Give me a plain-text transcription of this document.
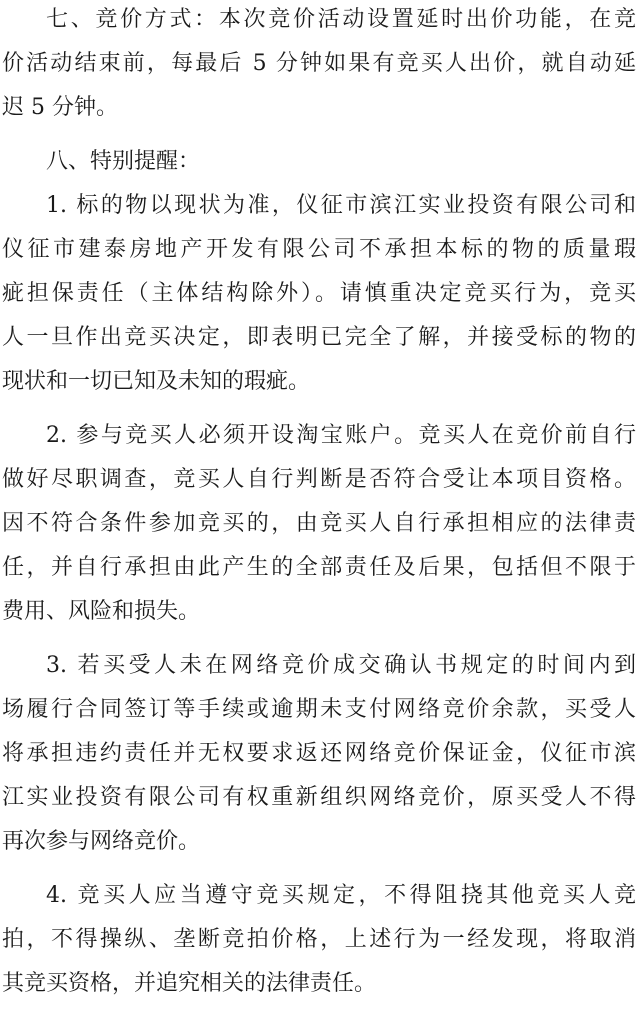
七、竞价方式：本次竞价活动设置延时出价功能，在竞
价活动结束前，每最后 5 分钟如果有竞买人出价，就自动延
迟 5 分钟。
八、特别提醒：
1. 标的物以现状为准，仪征市滨江实业投资有限公司和
仪征市建泰房地产开发有限公司不承担本标的物的质量瑕
疵担保责任（主体结构除外）。请慎重决定竞买行为，竞买
人一旦作出竞买决定，即表明已完全了解，并接受标的物的
现状和一切已知及未知的瑕疵。
2. 参与竞买人必须开设淘宝账户。竞买人在竞价前自行
做好尽职调查，竞买人自行判断是否符合受让本项目资格。
因不符合条件参加竞买的，由竞买人自行承担相应的法律责
任，并自行承担由此产生的全部责任及后果，包括但不限于
费用、风险和损失。
3. 若买受人未在网络竞价成交确认书规定的时间内到
场履行合同签订等手续或逾期未支付网络竞价余款，买受人
将承担违约责任并无权要求返还网络竞价保证金，仪征市滨
江实业投资有限公司有权重新组织网络竞价，原买受人不得
再次参与网络竞价。
4. 竞买人应当遵守竞买规定，不得阻挠其他竞买人竞
拍，不得操纵、垄断竞拍价格，上述行为一经发现，将取消
其竞买资格，并追究相关的法律责任。
